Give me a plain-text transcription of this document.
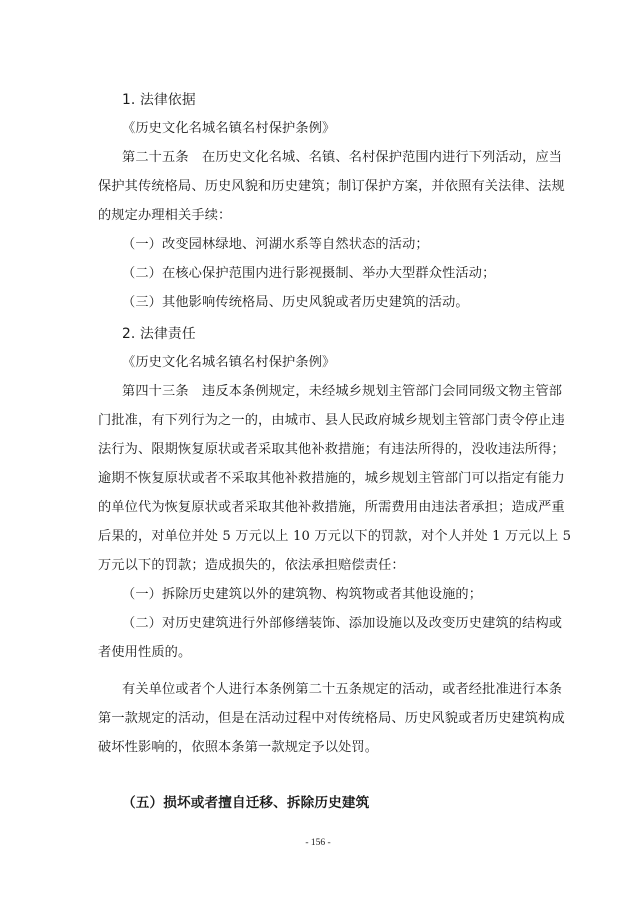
1. 法律依据
《历史文化名城名镇名村保护条例》
第二十五条　在历史文化名城、名镇、名村保护范围内进行下列活动，应当
保护其传统格局、历史风貌和历史建筑；制订保护方案，并依照有关法律、法规
的规定办理相关手续：
（一）改变园林绿地、河湖水系等自然状态的活动；
（二）在核心保护范围内进行影视摄制、举办大型群众性活动；
（三）其他影响传统格局、历史风貌或者历史建筑的活动。
2. 法律责任
《历史文化名城名镇名村保护条例》
第四十三条　违反本条例规定，未经城乡规划主管部门会同同级文物主管部
门批准，有下列行为之一的，由城市、县人民政府城乡规划主管部门责令停止违
法行为、限期恢复原状或者采取其他补救措施；有违法所得的，没收违法所得；
逾期不恢复原状或者不采取其他补救措施的，城乡规划主管部门可以指定有能力
的单位代为恢复原状或者采取其他补救措施，所需费用由违法者承担；造成严重
后果的，对单位并处 5 万元以上 10 万元以下的罚款，对个人并处 1 万元以上 5
万元以下的罚款；造成损失的，依法承担赔偿责任：
（一）拆除历史建筑以外的建筑物、构筑物或者其他设施的；
（二）对历史建筑进行外部修缮装饰、添加设施以及改变历史建筑的结构或
者使用性质的。
有关单位或者个人进行本条例第二十五条规定的活动，或者经批准进行本条
第一款规定的活动，但是在活动过程中对传统格局、历史风貌或者历史建筑构成
破坏性影响的，依照本条第一款规定予以处罚。
（五）损坏或者擅自迁移、拆除历史建筑
- 156 -
